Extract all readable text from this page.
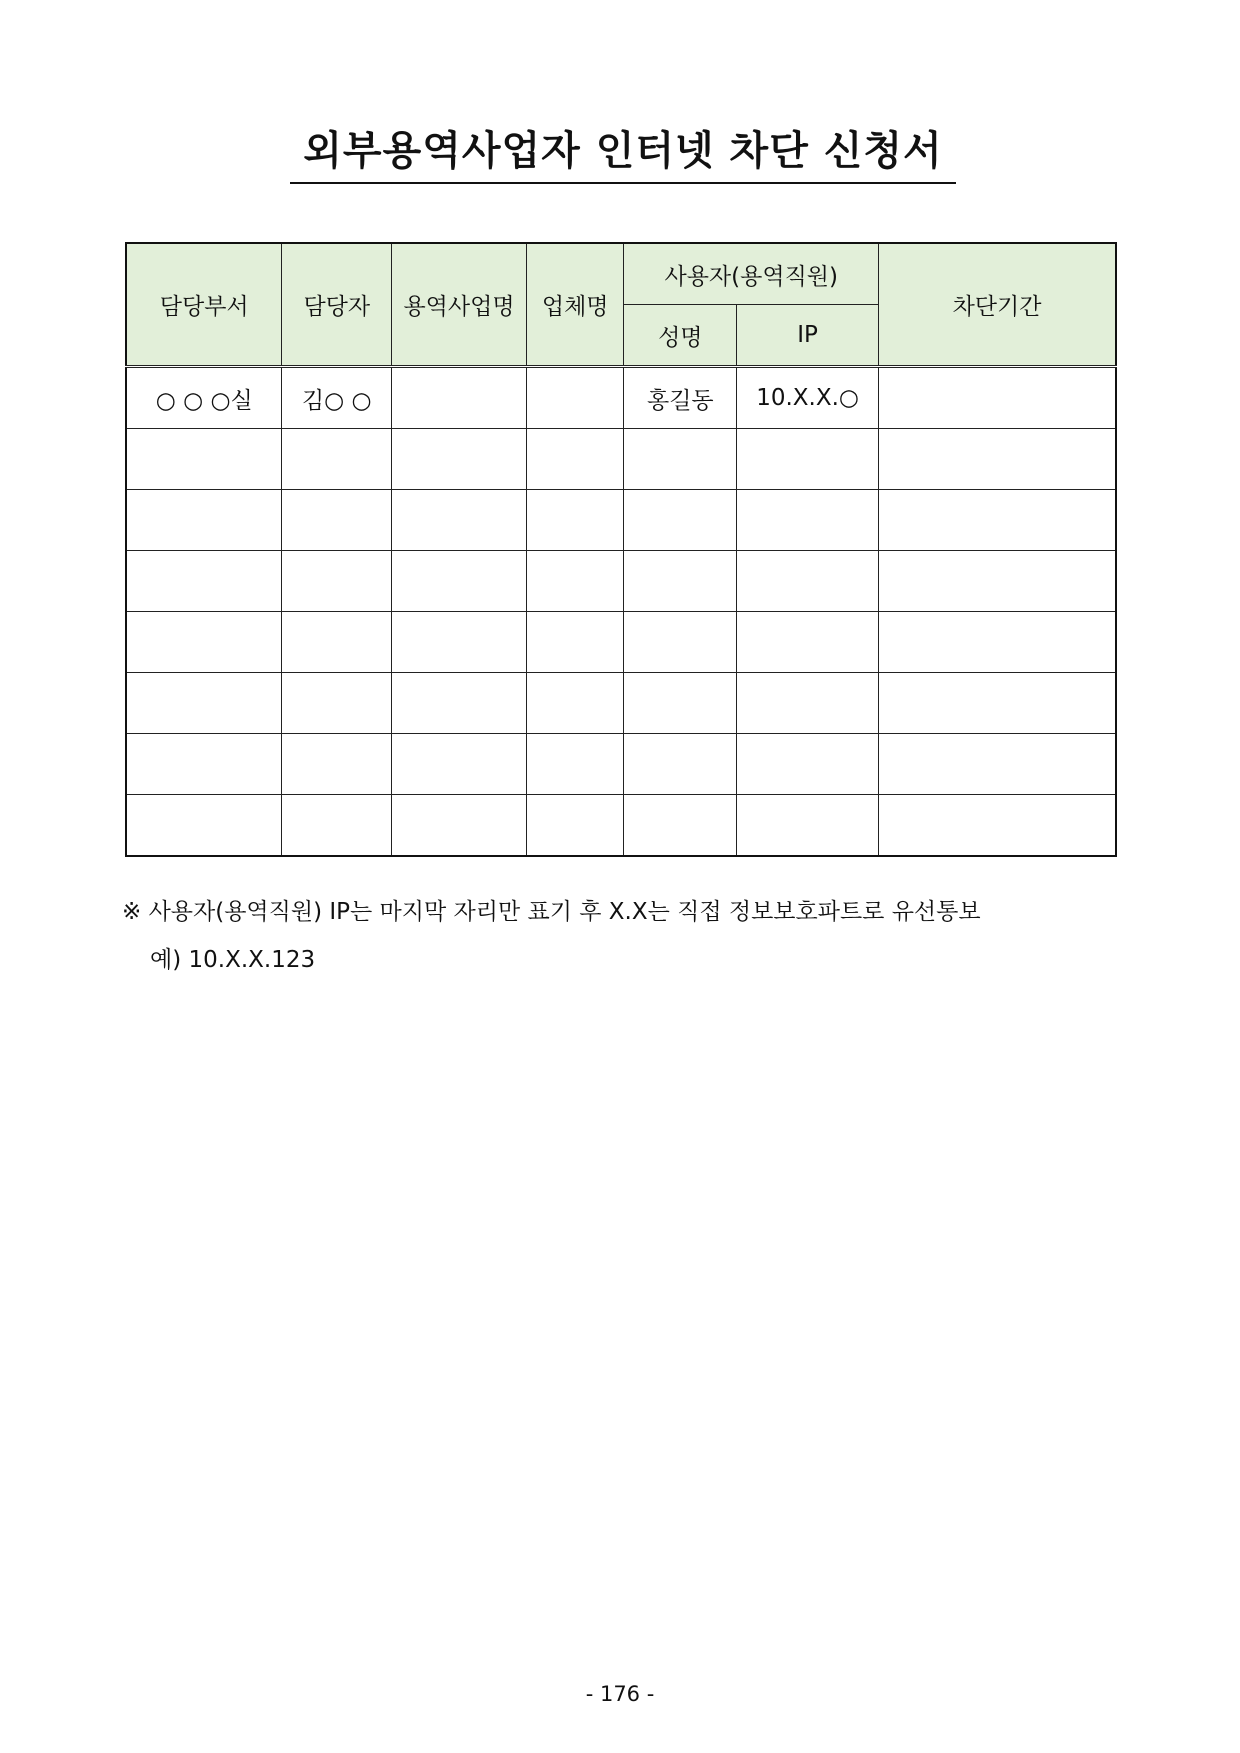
외부용역사업자 인터넷 차단 신청서
담당부서	담당자	용역사업명	업체명	사용자(용역직원)		차단기간
				성명	IP	
○ ○ ○실	김○ ○			홍길동	10.X.X.○	

※ 사용자(용역직원) IP는 마지막 자리만 표기 후 X.X는 직접 정보보호파트로 유선통보
예) 10.X.X.123
- 176 -
